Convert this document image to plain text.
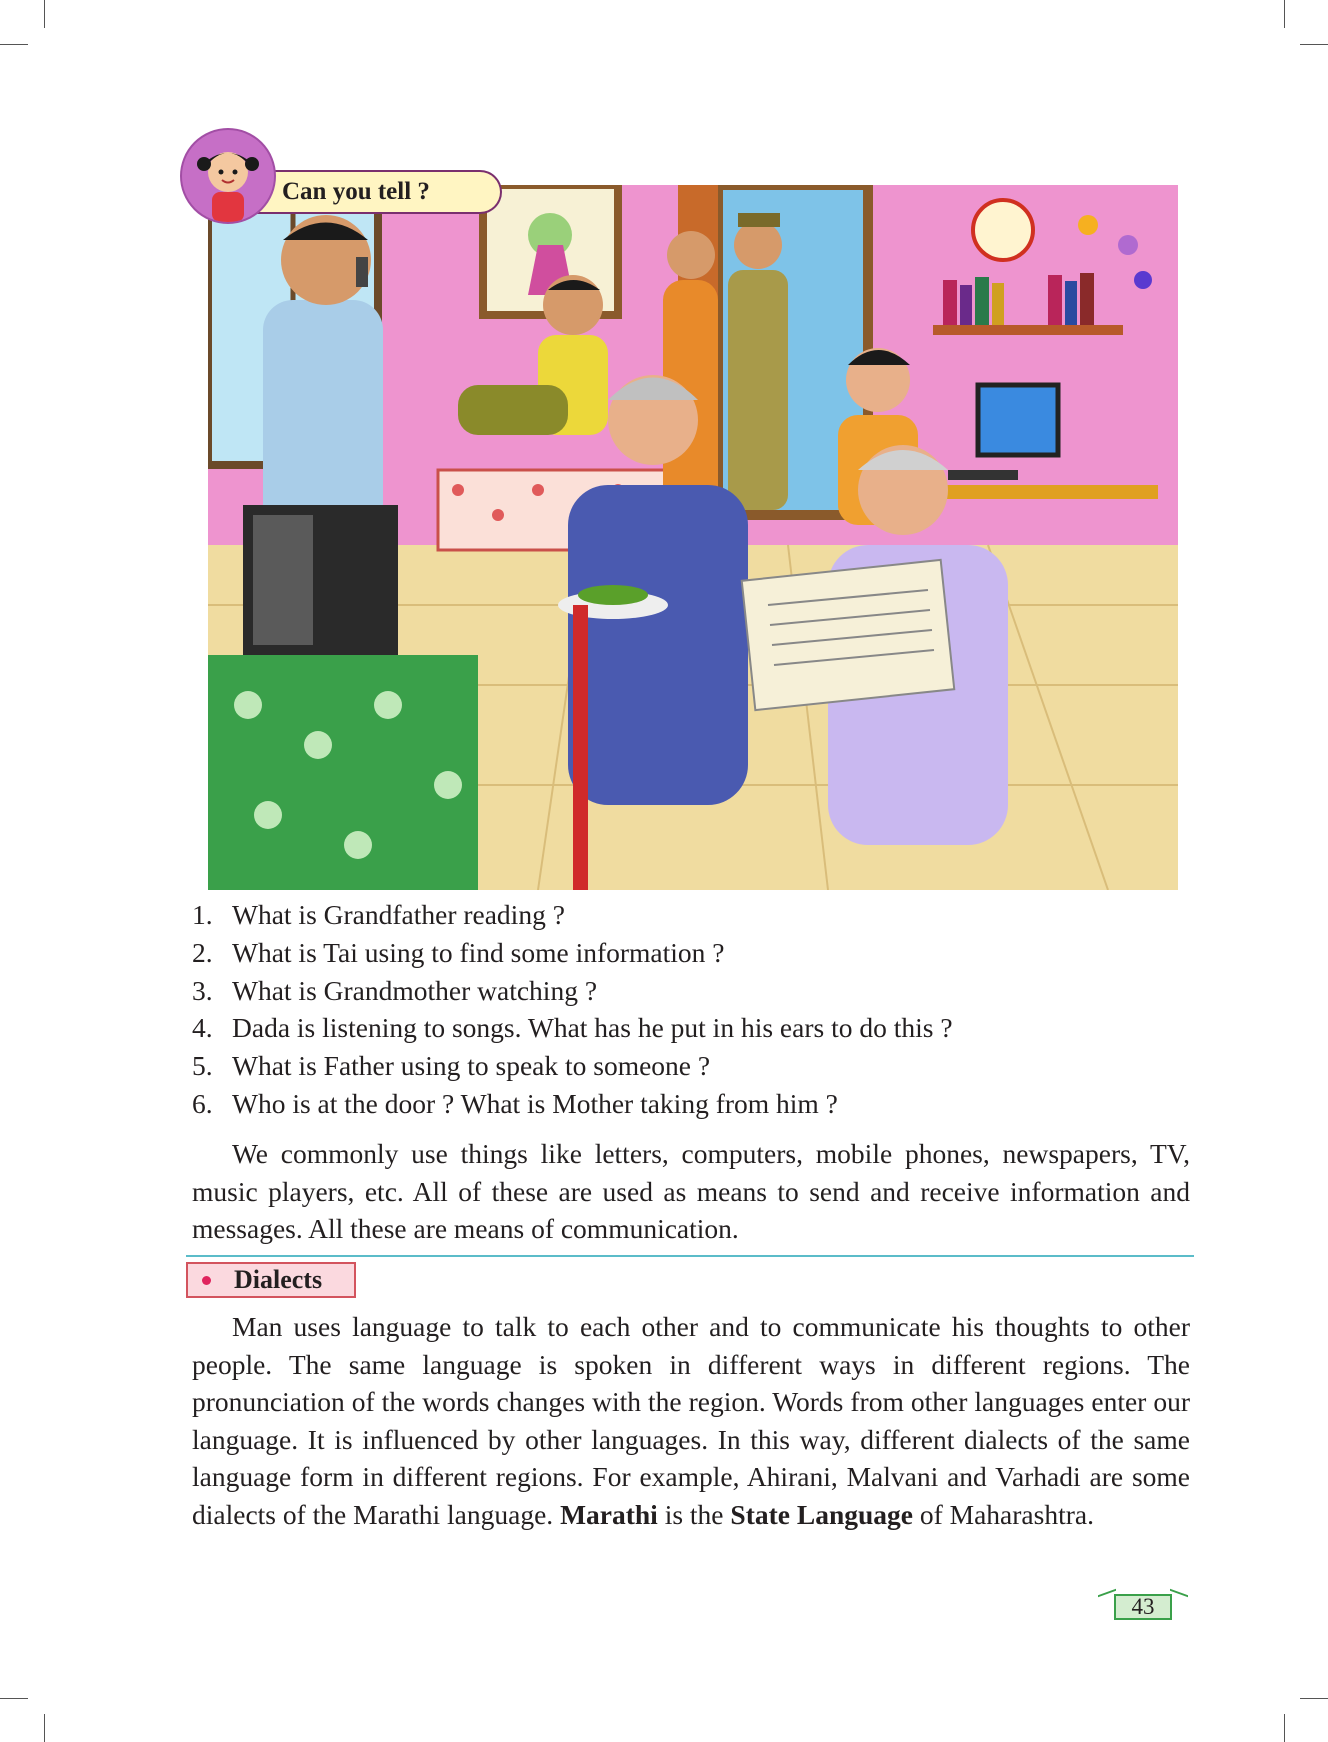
Can you tell ?
1. What is Grandfather reading ?
2. What is Tai using to find some information ?
3. What is Grandmother watching ?
4. Dada is listening to songs. What has he put in his ears to do this ?
5. What is Father using to speak to someone ?
6. Who is at the door ? What is Mother taking from him ?

We commonly use things like letters, computers, mobile phones, newspapers, TV, music players, etc. All of these are used as means to send and receive information and messages. All these are means of communication.

Dialects

Man uses language to talk to each other and to communicate his thoughts to other people. The same language is spoken in different ways in different regions. The pronunciation of the words changes with the region. Words from other languages enter our language. It is influenced by other languages. In this way, different dialects of the same language form in different regions. For example, Ahirani, Malvani and Varhadi are some dialects of the Marathi language. Marathi is the State Language of Maharashtra.

43
